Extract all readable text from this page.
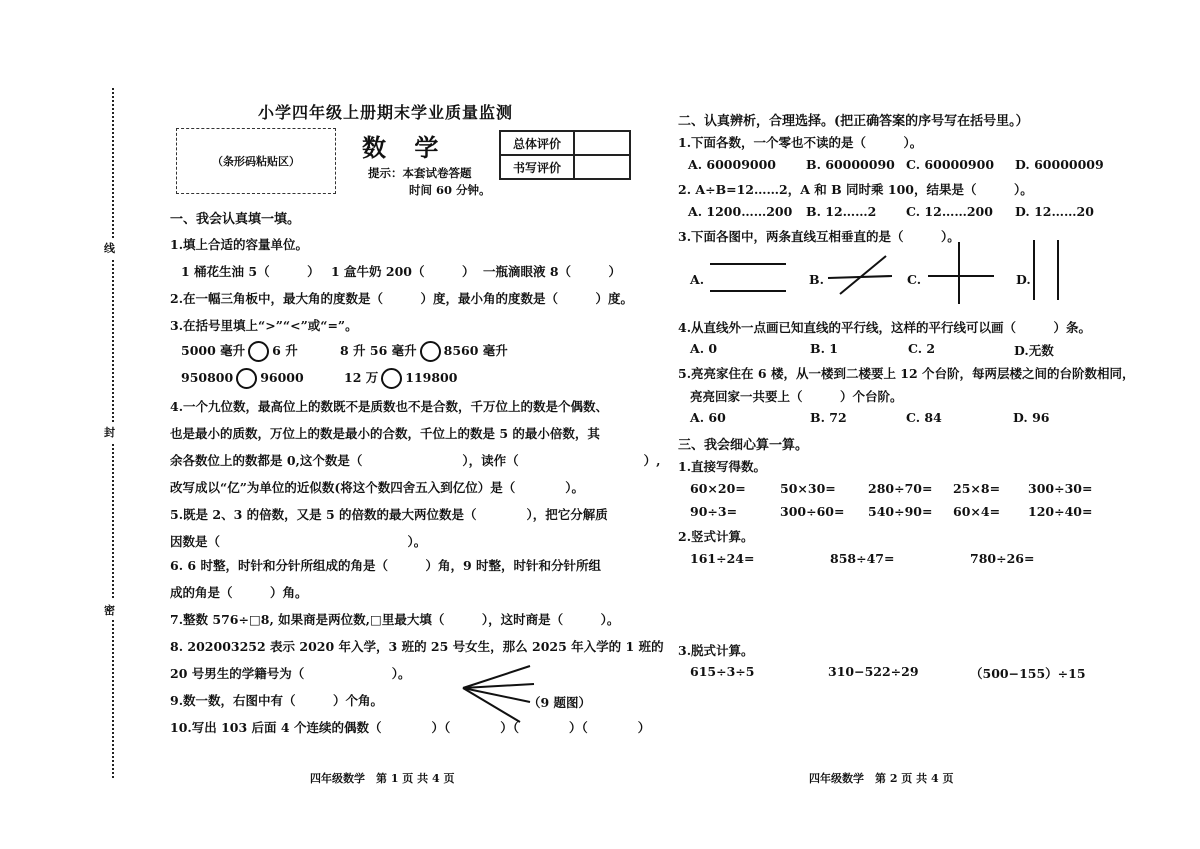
线
封
密
小学四年级上册期末学业质量监测
（条形码粘贴区）	数 学
提示：本套试卷答题
时间 60 分钟。
总体评价	
书写评价	
一、我会认真填一填。
1.填上合适的容量单位。
1 桶花生油 5（　　　） 1 盒牛奶 200（　　　） 一瓶滴眼液 8（　　　）
2.在一幅三角板中，最大角的度数是（　　　）度，最小角的度数是（　　　）度。
3.在括号里填上“>”“<”或“=”。
5000 毫升 6 升	8 升 56 毫升 8560 毫升
950800 96000	12 万 119800
4.一个九位数，最高位上的数既不是质数也不是合数，千万位上的数是个偶数、
也是最小的质数，万位上的数是最小的合数，千位上的数是 5 的最小倍数，其
余各数位上的数都是 0,这个数是（　　　　　　　　），读作（　　　　　　　　　　）,
改写成以“亿”为单位的近似数(将这个数四舍五入到亿位）是（　　　　）。
5.既是 2、3 的倍数，又是 5 的倍数的最大两位数是（　　　　），把它分解质
因数是（　　　　　　　　　　　　　　　）。
6. 6 时整，时针和分针所组成的角是（　　　）角，9 时整，时针和分针所组
成的角是（　　　）角。
7.整数 576÷□8, 如果商是两位数,□里最大填（　　　），这时商是（　　　）。
8. 202003252 表示 2020 年入学，3 班的 25 号女生，那么 2025 年入学的 1 班的
20 号男生的学籍号为（　　　　　　　）。
9.数一数，右图中有（　　　）个角。	（9 题图）
10.写出 103 后面 4 个连续的偶数（　　　　）（　　　　）（　　　　）（　　　　）
四年级数学　第 1 页 共 4 页
二、认真辨析，合理选择。(把正确答案的序号写在括号里。）
1.下面各数，一个零也不读的是（　　　）。
A. 60009000 B. 60000090 C. 60000900 D. 60000009
2. A÷B=12……2，A 和 B 同时乘 100，结果是（　　　）。
A. 1200……200 B. 12……2 C. 12……200 D. 12……20
3.下面各图中，两条直线互相垂直的是（　　　）。
A.	B.	C.	D.
4.从直线外一点画已知直线的平行线，这样的平行线可以画（　　　）条。
A. 0	B. 1	C. 2	D.无数
5.亮亮家住在 6 楼，从一楼到二楼要上 12 个台阶，每两层楼之间的台阶数相同，
亮亮回家一共要上（　　　）个台阶。
A. 60	B. 72	C. 84	D. 96
三、我会细心算一算。
1.直接写得数。
60×20=	50×30=	280÷70= 25×8= 300÷30=
90÷3=	300÷60= 540÷90= 60×4= 120÷40=
2.竖式计算。
161÷24=	858÷47=	780÷26=
3.脱式计算。
615÷3÷5	310−522÷29	（500−155）÷15
四年级数学　第 2 页 共 4 页
